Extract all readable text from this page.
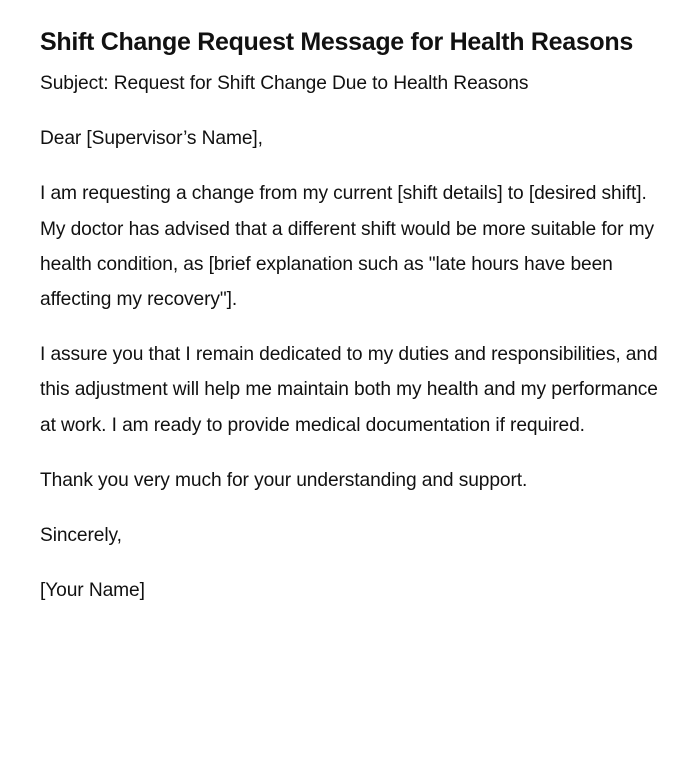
Shift Change Request Message for Health Reasons

Subject: Request for Shift Change Due to Health Reasons

Dear [Supervisor’s Name],

I am requesting a change from my current [shift details] to [desired shift]. My doctor has advised that a different shift would be more suitable for my health condition, as [brief explanation such as "late hours have been affecting my recovery"].

I assure you that I remain dedicated to my duties and responsibilities, and this adjustment will help me maintain both my health and my performance at work. I am ready to provide medical documentation if required.

Thank you very much for your understanding and support.

Sincerely,

[Your Name]
